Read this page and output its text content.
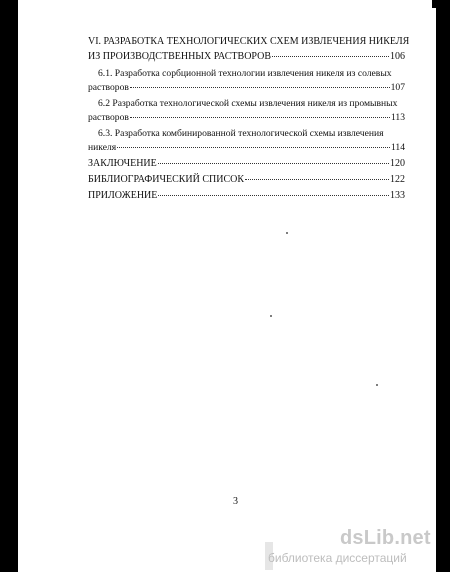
VI. РАЗРАБОТКА ТЕХНОЛОГИЧЕСКИХ СХЕМ ИЗВЛЕЧЕНИЯ НИКЕЛЯ
ИЗ ПРОИЗВОДСТВЕННЫХ РАСТВОРОВ	106
6.1. Разработка сорбционной технологии извлечения никеля из солевых
растворов	107
6.2 Разработка технологической схемы извлечения никеля из промывных
растворов	113
6.3. Разработка комбинированной технологической схемы извлечения
никеля	114
ЗАКЛЮЧЕНИЕ	120
БИБЛИОГРАФИЧЕСКИЙ СПИСОК	122
ПРИЛОЖЕНИЕ	133
3
dsLib.net
библиотека диссертаций
